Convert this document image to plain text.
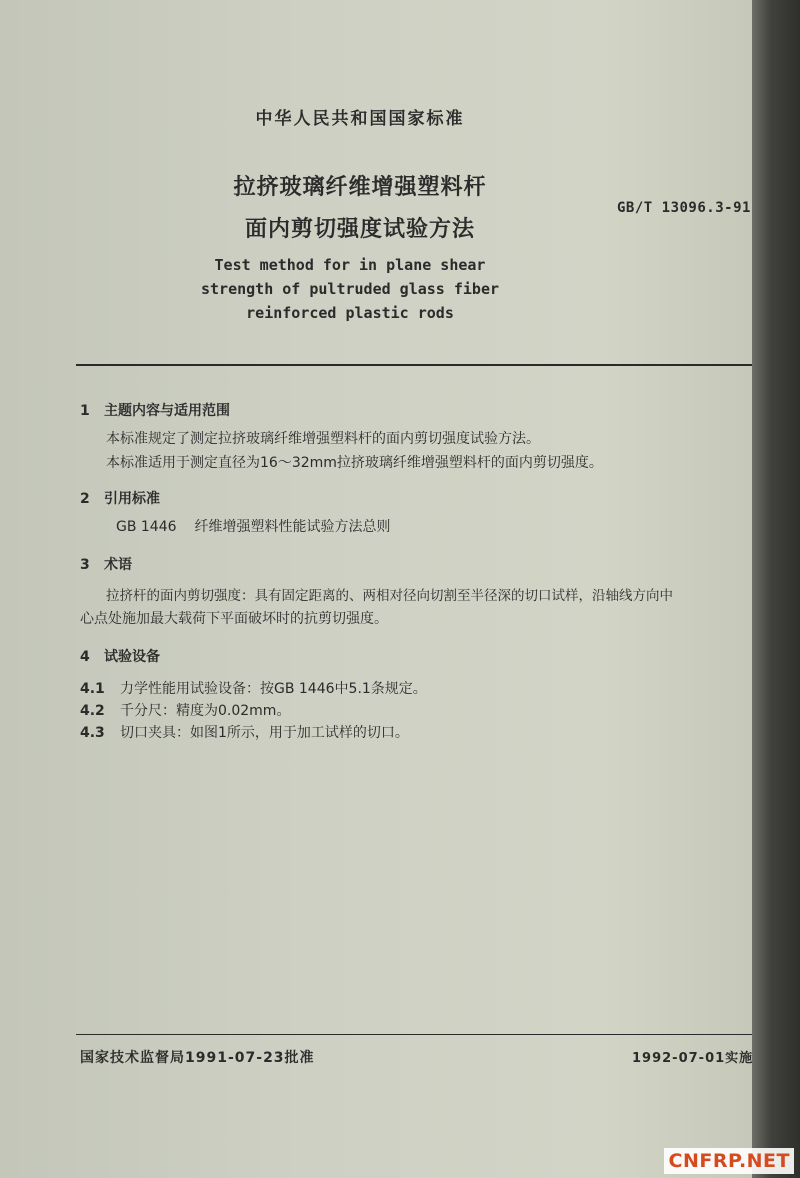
中华人民共和国国家标准
拉挤玻璃纤维增强塑料杆
面内剪切强度试验方法
GB/T 13096.3-91
Test method for in plane shear
strength of pultruded glass fiber
reinforced plastic rods
1 主题内容与适用范围
本标准规定了测定拉挤玻璃纤维增强塑料杆的面内剪切强度试验方法。
本标准适用于测定直径为16～32mm拉挤玻璃纤维增强塑料杆的面内剪切强度。
2 引用标准
GB 1446 纤维增强塑料性能试验方法总则
3 术语
拉挤杆的面内剪切强度：具有固定距离的、两相对径向切割至半径深的切口试样，沿轴线方向中
心点处施加最大载荷下平面破坏时的抗剪切强度。
4 试验设备
4.1 力学性能用试验设备：按GB 1446中5.1条规定。
4.2 千分尺：精度为0.02mm。
4.3 切口夹具：如图1所示，用于加工试样的切口。
国家技术监督局1991-07-23批准	1992-07-01实施
CNFRP.NET
